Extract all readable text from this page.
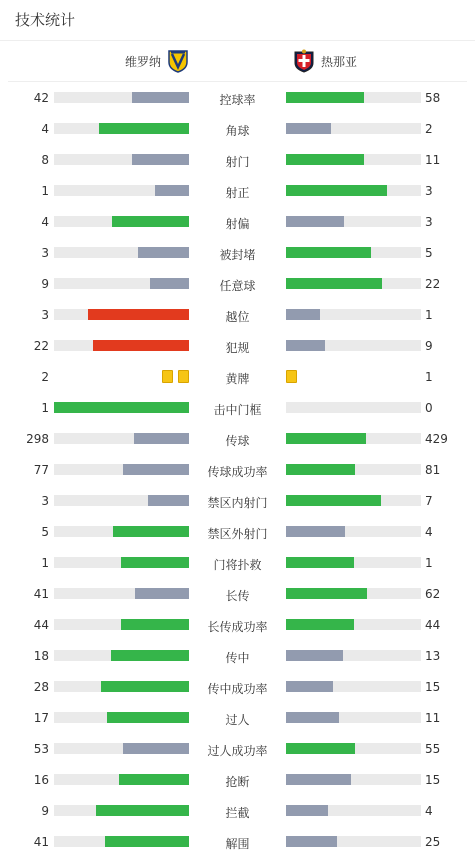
技术统计
维罗纳	热那亚
42	控球率	58
4	角球	2
8	射门	11
1	射正	3
4	射偏	3
3	被封堵	5
9	任意球	22
3	越位	1
22	犯规	9
2	黄牌	1
1	击中门框	0
298	传球	429
77	传球成功率	81
3	禁区内射门	7
5	禁区外射门	4
1	门将扑救	1
41	长传	62
44	长传成功率	44
18	传中	13
28	传中成功率	15
17	过人	11
53	过人成功率	55
16	抢断	15
9	拦截	4
41	解围	25
